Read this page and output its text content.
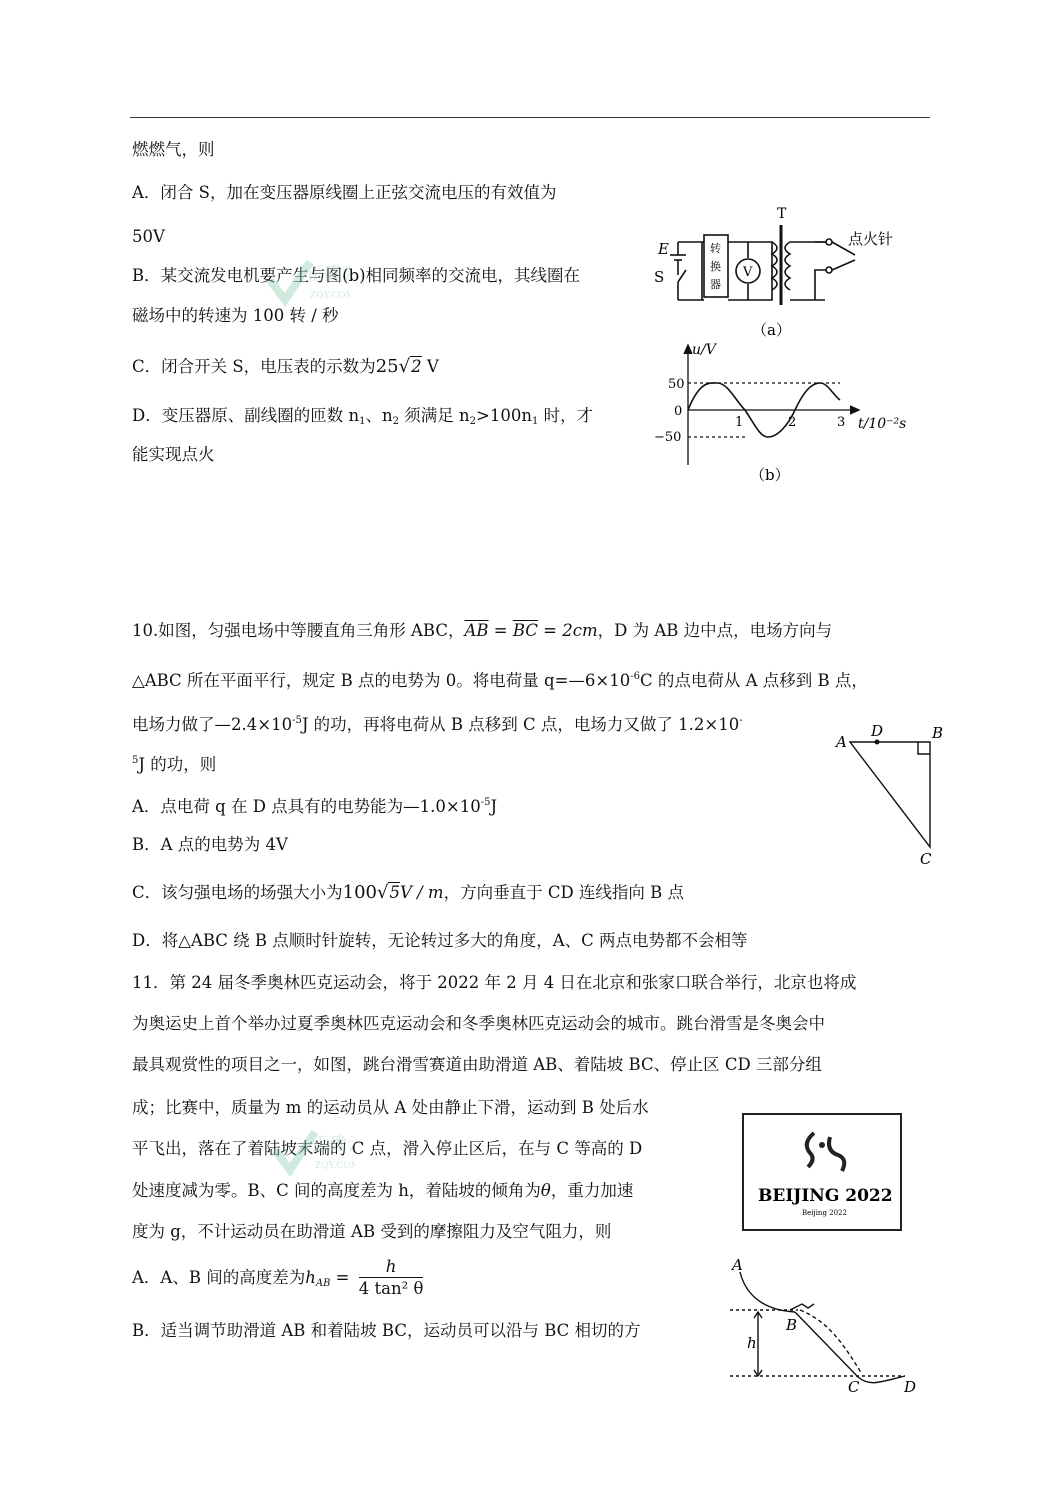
燃燃气，则
A．闭合 S，加在变压器原线圈上正弦交流电压的有效值为
50V
B．某交流发电机要产生与图(b)相同频率的交流电，其线圈在
磁场中的转速为 100 转 / 秒
C．闭合开关 S，电压表的示数为25√2 V
D．变压器原、副线圈的匝数 $n_1$、$n_2$ 须满足 $n_2>100n_1$ 时，才
能实现点火
E
S
T
转
换
器
V
点火针
（a）
u/V
50
0
−50
1	2	3 t/10⁻²s
（b）
10.如图，匀强电场中等腰直角三角形 ABC，$\overline{AB} = \overline{BC} = 2cm$，D 为 AB 边中点，电场方向与
△ABC 所在平面平行，规定 B 点的电势为 0。将电荷量 $q=—6\times 10^{-6}C$ 的点电荷从 A 点移到 B 点，
电场力做了$—2.4\times 10^{-5}J$ 的功，再将电荷从 B 点移到 C 点，电场力又做了 1.2×10-
$^5$J 的功，则
A．点电荷 q 在 D 点具有的电势能为$—1.0\times 10^{-5}J$
B．A 点的电势为 4V
C．该匀强电场的场强大小为100√5V / m，方向垂直于 CD 连线指向 B 点
D．将△ABC 绕 B 点顺时针旋转，无论转过多大的角度，A、C 两点电势都不会相等
A
D	B
C
11．第 24 届冬季奥林匹克运动会，将于 2022 年 2 月 4 日在北京和张家口联合举行，北京也将成
为奥运史上首个举办过夏季奥林匹克运动会和冬季奥林匹克运动会的城市。跳台滑雪是冬奥会中
最具观赏性的项目之一，如图，跳台滑雪赛道由助滑道 AB、着陆坡 BC、停止区 CD 三部分组
成；比赛中，质量为 m 的运动员从 A 处由静止下滑，运动到 B 处后水
平飞出，落在了着陆坡末端的 C 点，滑入停止区后，在与 C 等高的 D
处速度减为零。B、C 间的高度差为 h，着陆坡的倾角为θ，重力加速
度为 g，不计运动员在助滑道 AB 受到的摩擦阻力及空气阻力，则
A．A、B 间的高度差为$h_{AB} = \frac{h}{\text{4 tan² θ}}$
B．适当调节助滑道 AB 和着陆坡 BC，运动员可以沿与 BC 相切的方
BEIJING 2022
Beijing 2022
A
B
h
C	D
正确
ZQY.CO
正确
ZQY.CO
